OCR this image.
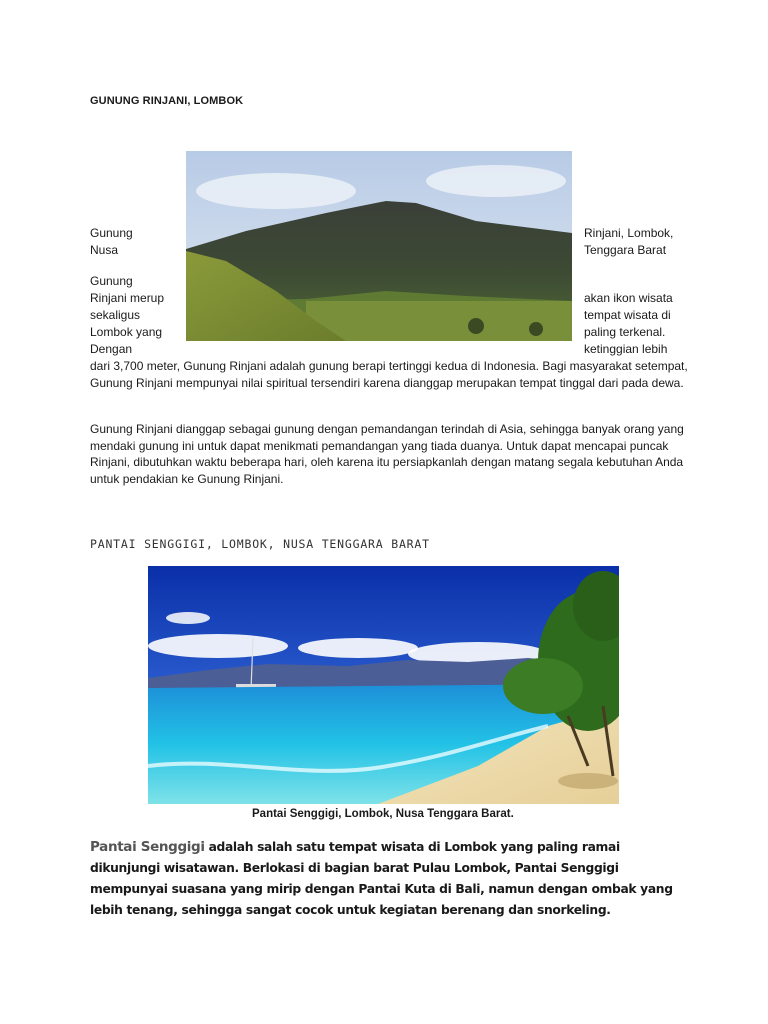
GUNUNG RINJANI, LOMBOK
Gunung
Nusa
Gunung
Rinjani merup
sekaligus
Lombok yang
Dengan
Rinjani, Lombok,
Tenggara Barat
akan ikon wisata
tempat wisata di
paling terkenal.
ketinggian lebih
dari 3,700 meter, Gunung Rinjani adalah gunung berapi tertinggi kedua di Indonesia. Bagi masyarakat setempat, Gunung Rinjani mempunyai nilai spiritual tersendiri karena dianggap merupakan tempat tinggal dari pada dewa.
Gunung Rinjani dianggap sebagai gunung dengan pemandangan terindah di Asia, sehingga banyak orang yang mendaki gunung ini untuk dapat menikmati pemandangan yang tiada duanya. Untuk dapat mencapai puncak Rinjani, dibutuhkan waktu beberapa hari, oleh karena itu persiapkanlah dengan matang segala kebutuhan Anda untuk pendakian ke Gunung Rinjani.
PANTAI SENGGIGI, LOMBOK, NUSA TENGGARA BARAT
Pantai Senggigi, Lombok, Nusa Tenggara Barat.
Pantai Senggigi adalah salah satu tempat wisata di Lombok yang paling ramai dikunjungi wisatawan. Berlokasi di bagian barat Pulau Lombok, Pantai Senggigi mempunyai suasana yang mirip dengan Pantai Kuta di Bali, namun dengan ombak yang lebih tenang, sehingga sangat cocok untuk kegiatan berenang dan snorkeling.
